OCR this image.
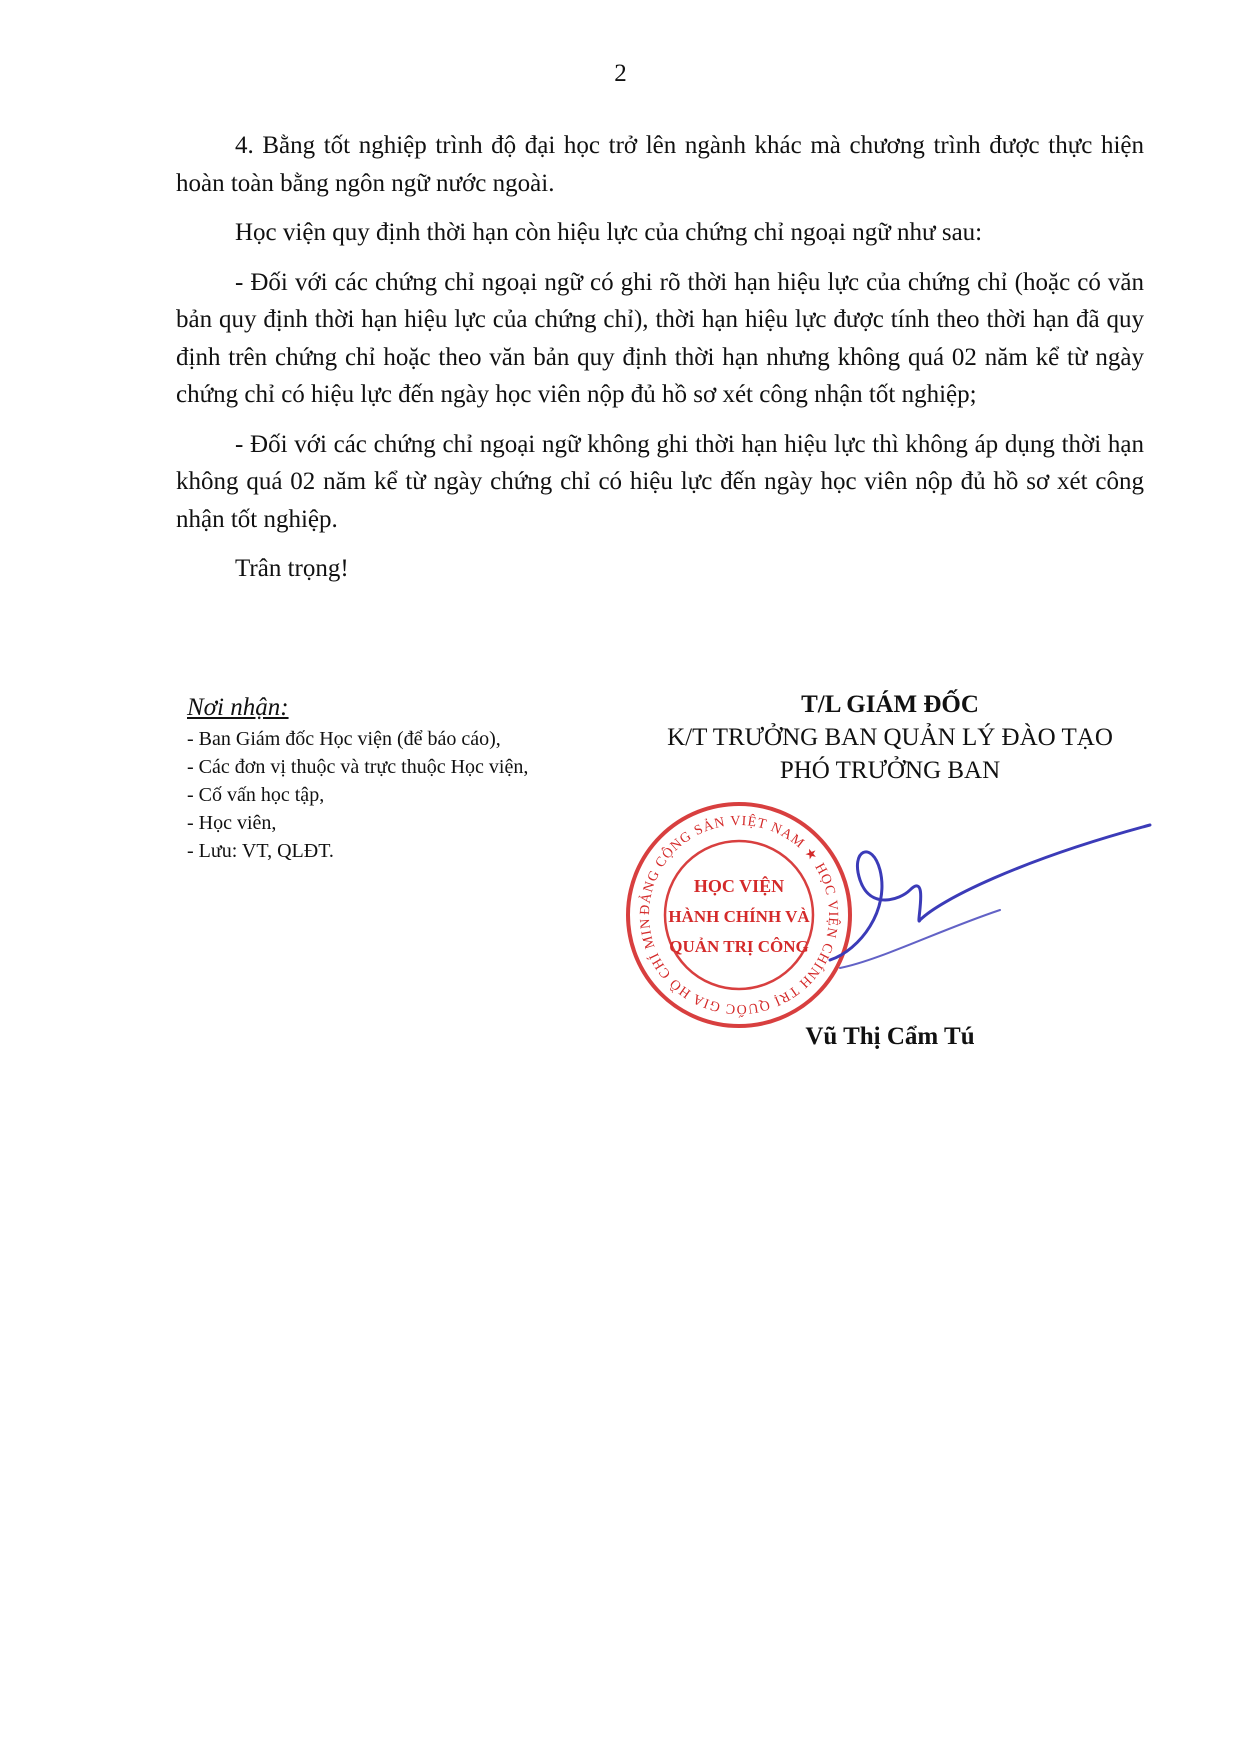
2

4. Bằng tốt nghiệp trình độ đại học trở lên ngành khác mà chương trình được thực hiện hoàn toàn bằng ngôn ngữ nước ngoài.

Học viện quy định thời hạn còn hiệu lực của chứng chỉ ngoại ngữ như sau:

- Đối với các chứng chỉ ngoại ngữ có ghi rõ thời hạn hiệu lực của chứng chỉ (hoặc có văn bản quy định thời hạn hiệu lực của chứng chỉ), thời hạn hiệu lực được tính theo thời hạn đã quy định trên chứng chỉ hoặc theo văn bản quy định thời hạn nhưng không quá 02 năm kể từ ngày chứng chỉ có hiệu lực đến ngày học viên nộp đủ hồ sơ xét công nhận tốt nghiệp;

- Đối với các chứng chỉ ngoại ngữ không ghi thời hạn hiệu lực thì không áp dụng thời hạn không quá 02 năm kể từ ngày chứng chỉ có hiệu lực đến ngày học viên nộp đủ hồ sơ xét công nhận tốt nghiệp.

Trân trọng!

Nơi nhận:
- Ban Giám đốc Học viện (để báo cáo),
- Các đơn vị thuộc và trực thuộc Học viện,
- Cố vấn học tập,
- Học viên,
- Lưu: VT, QLĐT.
T/L GIÁM ĐỐC
K/T TRƯỞNG BAN QUẢN LÝ ĐÀO TẠO
PHÓ TRƯỞNG BAN
ĐẢNG CỘNG SẢN VIỆT NAM ★ HỌC VIỆN CHÍNH TRỊ QUỐC GIA HỒ CHÍ MIN
HỌC VIỆN
HÀNH CHÍNH VÀ
QUẢN TRỊ CÔNG
Vũ Thị Cẩm Tú
